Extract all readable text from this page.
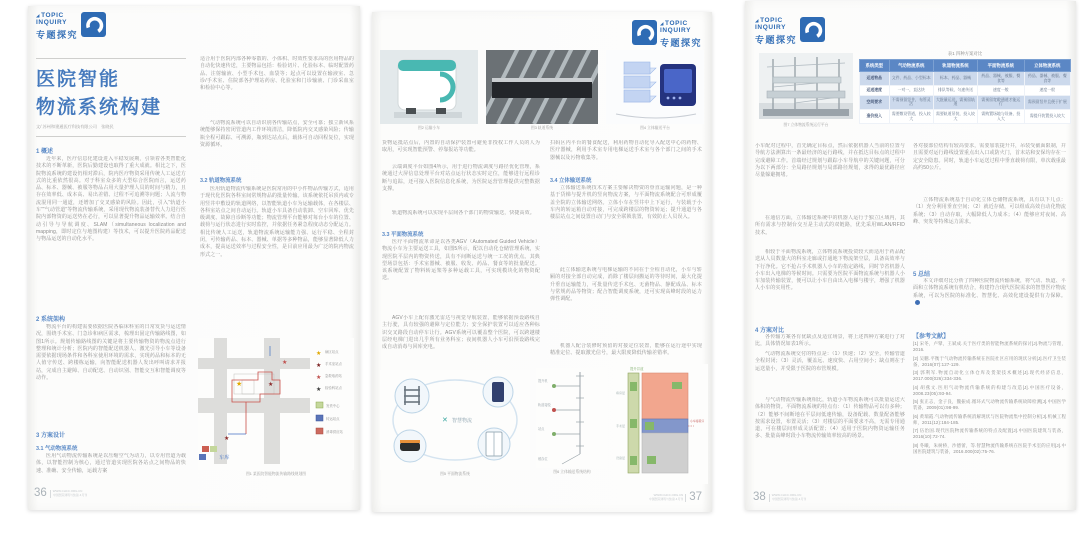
◢TOPIC
INQUIRY
专题探究
医院智能
物流系统构建
文/ 苏州和建通医疗科技有限公司　张晓民
1 概述
近年来，医疗信息化建设进入平稳发展期，引领着各类智能化技术的不断革新，医院后勤建设也取得了重大成就。相比之下，医院物流系统的建设仍相对滞后，院内医疗物资采用传统人工运送方式的比重依然很高。对于科室众多的大型综合医院而言，运送药品、标本、器械、被服等物品占用大量护理人员的时间与精力，且存在效率低、成本高、易出差错、过程不可追溯等问题；人流与物流混用同一通道，还增加了交叉感染的风险。因此，引入“轨道小车”“气动管道”等物流传输系统，采用现代物流装备替代人力进行医院内部物资的运送势在必行，可以显著提升物品运输效率。结合自动引导与导航调度、SLAM（simultaneous localization and mapping，即时定位与地图构建）等技术，可以提升医院药品配送与物品运送的自动化水平。
2 系统架构
物流平台的构建需要依据医院各临床科室的日常发货与运送情况，围绕手术室、门急诊和病区需求，梳理出固定传输路线图，如图1所示。规划传输路线图的关键是将主要传输物资的物流点进行整理和统计分析；医院内的智能配送机器人、激光引导小车等设备需要依据现场条件和各科室使用环境的需求，实现药品和标本的无人值守传送、跨楼栋运输，向智能配送机器人发出呼叫请求并报站，完成自主避障、自动配送、自动识别、智能交互和智能调度等动作。
3 方案设计
3.1 气动物流系统
医用气动物流传输系统是以压缩空气为动力，以专用管道为载体，以智能控制为核心，通过管道实现医院各站点之间物品的快速、准确、安全传输，运载方案
适合用于医院内部各种零散的、小体积、时效性要求高的医用物品的自动化快速传送，主要物品包括：检验切片、化验标本、临时配置药品、注射输液、小型手术包、血袋等；起点可以设置在输液室、急诊/手术室、住院部各护理站药房、化验室和门诊输液、门诊采血室和检验中心等。
气动物流系统可以自动识别各传输站点，安全可靠；独立新风系统能够保持密闭管道内工作环境清洁，降低院内交叉感染风险；传输瓶全程可跟踪、可溯源，瓶到达站点后，载体可自动回程复位，实现资源循环。
3.2 轨道物流系统
医用轨道物流传输系统是医院常用的中小件物品传输方式，适用于现代化医院各科室间常规物品的批量传输。该系统依托吊顶内或专用竖井中敷设的轨道网络，以智能轨道小车为运输载体，在各楼层、各科室站点之间自动运行。轨道小车具备自动装卸、空车回库、优先级调度、故障自诊断等功能；物流管理平台能够对每台小车的位置、载荷与运行状态进行实时监控，并依据任务紧急程度动态分配运力。相比传统人工运送，轨道物流系统运输能力强、运行平稳、全程封闭，可传输药品、标本、器械、单据等多种物品，能够显著降低人力成本，提高运送效率与过程安全性，是目前应用最为广泛的院内物流形式之一。
★	★
★
★
★ 病区站点
★ 手术室站点
★ 急救取药站
★ 检验科站点
发货中心
转运站点
消毒供应站
车库
图1 某医院智能物流传输路线规划图
36 WWW.CHCC.ORG.CN
中国医院建筑与装备·4月刊
◢TOPIC
INQUIRY
专题探究
图2 运输小车	图3 轨道系统	图4 立体输送平台
货物运抵站点后，内置的自动保护装置可避免非授权工作人员的人为取用，可实现智能预警、停靠报站等功能。
云端调度平台如图4所示，用于进行物流调度与路径优化管理，系统通过大屏信息处理平台对站点运行状态实时定位，能够进行远程诊断与追踪，还可接入医院信息化系统，为医院运营管理提供完整数据支撑。
轨道物流系统可以实现平层间各个部门的物资输送，快捷高效。
3.3 平面物流系统
医疗平面物流革命是以各类AGV（Automated Guided Vehicle）物流小车为主要运送工具，如图5所示，配以自动化仓储管理系统，实现医院平层内的物资传送，具有不间断运送与统一工况的优点。其典型场景包括：手术室器械、被服、收发、药品、餐食等的批量配送。该系统配置了物料转运架等多种运载工具，可实现模块化的物资配送。
AGV小车上配有激光雷达与视觉导航装置，能够依据预设路线自主行驶，具有较强的避障与定位能力；安全保护装置可以适应各种标识交叉路段自动停车让行。AGV系统可以覆盖整个医院，可以跨越楼层经电梯门进出几乎所有业务科室；夜间机器人小车可沿预设路线完成自动消毒与回库充电。
✕ 智慧物流
图5 平面物流系统
扫码区内平台的餐食配送，利用药物自动化导入配送中心的药物、医疗器械，利用手术室专用电梯运送手术室与各个部门之间的手术器械以及污物收集等。
3.4 立体输送系统
立体输送系统技术方案主要解决物资的垂直运输问题，是一种基于货梯与提升机的竖向物流方案，与平面物流系统配合可形成覆盖全院的立体输送网络。立体小车在竖井中上下运行，与装载于小车内的转运箱自动对接，可完成跨楼层的物资转运；提升通道与各楼层站点之间设置自动门与安全联锁装置，有效防止人员误入。
此立体输送系统与电梯运输的不同在于全程自动化，小车与轿厢的对接全部自动完成，消除了楼层间搬运的等待时间，最大化提升垂直运输能力，可批量传送手术包、无菌物品、静配成品、标本与常规药品等物资；配合智能调度系统，还可实现高峰时段的运力弹性调配。
机器人配合装修时预留的对接定位装置，能够在运行途中实现精准定位、提取激光信号，最大限度降低传输差错率。
提升机
轨道接驳
站点
缓存位
图6 立体输送系统结构
提升井道
病房层
手术层
设备层
小车接驳口
WWW.CHCC.ORG.CN
中国医院建筑与装备·4月刊 37
◢TOPIC
INQUIRY
专题探究
图7 立体物流系统运行平台
表1 四种方案对比
系统类型	气动物流系统	轨道物流系统	平面物流系统	立体物流系统
运送物品	文件、药品、小型标本	标本、药品、器械	药品、器械、被服、餐食等	药品、器械、被服、餐食等
运送速度	一对一，直达快	排队等候，匀速传送	速度一般	速度一般
空间要求	不需预留竖井，布管灵活	大批量运送，需预留轨道	需预留宽敞通道才能运行	需预留竖井且便于扩展
造价投入	需要敷设管道，投入较大	需要轨道吊装，投入较大	需购置场地与设备，投入大	需提升装置投入较大
小车配对过程中，首先确定目标点，然后依据机器人当前的位置与导航方法测算出一条最经济的运行路线，并在抵达目标点的过程中完成避障工作。首端经过规划与跟踪小车导航中的关键问题，可分为以下两部分：全局路径规划与局部路径规划，求得的最优路径应尽量躲避拥堵。
在通信方面，立体输送系统中的机器人运行于独立区域内，其所有需求与控制台交互是主动式的双链路，优先采用WLAN/RFID技术。
相较于平面物流系统，立体物流系统投资较大而适用于药品配送从人员数量大的科室走廊或打通地下物流架空层，具备高效率与下行净化。它不抢占手术机器人小车的指定路线，同时节省机器人小车出入电梯的等候时间。只需要为医院平面物流系统与机器人小车加装传输装置，便可以让小车自由出入电梯与楼宇，增强了机器人小车的实用性。
4 方案对比
各传输方案各有优缺点及适宜场景，将上述四种方案进行了对比，具体情况如表1所示。
气动物流系统交付的特点是：（1）快速；（2）安全，传输管道全程封闭；（3）灵活，覆盖远、速度快、占用空间小；缺点则在于运送量小，并受限于医院的布管规模。
与气动物流传输系统相比，轨道小车物流系统可以批量运送大体积的物资。平面物流系统的特点有：（1）传输物品可以有多种；（2）能够不间断地在平层间低速传输，设备配载、数量配备能够按需求设置，布置灵活；（3）对楼层的平面要求不高，无需专用通道，可在楼层间形成灵活配置；（4）适用于医院内物资运输任务多、批量高峰时段小车物流传输效率较高的场景。
各对接部位结构有较高要求，需要加装提升井，吊装受截面限制，并且需要对运行路线设置重点出入口或防火门，首末站和安保均存在一定安全隐患。同时，轨道小车运送过程中垂直载荷有限，单次载重最高约50公斤。
立体物流系统基于自动化立体仓储物流系统，具有以下几点：（1）充分利用垂直空间；（2）就近存储，可以组成高效自动化物流系统；（3）自动存取，大幅降低人力成本；（4）能够应对夜间、高峰、突发等特殊运力需求。
5 总结
本文详细对比分析了四种医院物流传输系统，将气动、轨道、平面和立体物流系统有机结合，构建符合现代医院需求的智慧医疗物流系统，可以为医院的标准化、智慧化、高效化建设提供有力保障。
【参考文献】
[1] 宋冬，卢擘，王斌成.关于医疗类的智能物流系统的探讨[J].物流与管理，2016.
[2] 吴鹏.平衡于气动物流传输系统在医院社区应用的现状分析[J].医疗卫生装备，2016(07):127-129.
[3] 郭利军.物流自动化立体仓库及货架技术概述[J].现代经济信息，2017.000(026):334-336.
[4] 胡燕文.医用气动物流传输系统的构建与改造[J].中国医疗设备，2008.23(05):93-94.
[5] 张正志，金子良，魏振成.循环式气动物流传输系统故障检测[J].中国医学装备，2009(01):98-99.
[6] 黄瑞霞.气动物流传输系统消解现状与医院物流集中控制分析[J].机械工程师，2011(12):184-185.
[7] 伍治国.现代医院物流传输系统的特点及配置[J].中国医院建筑与装备，2016(10):72-74.
[8] 冬曦，朱树桥，沙德蕾，等.智慧物流传输系统在医院手术室的应用[J].中国医院建筑与装备，2016.000(02):75-76.
38 WWW.CHCC.ORG.CN
中国医院建筑与装备·4月刊
